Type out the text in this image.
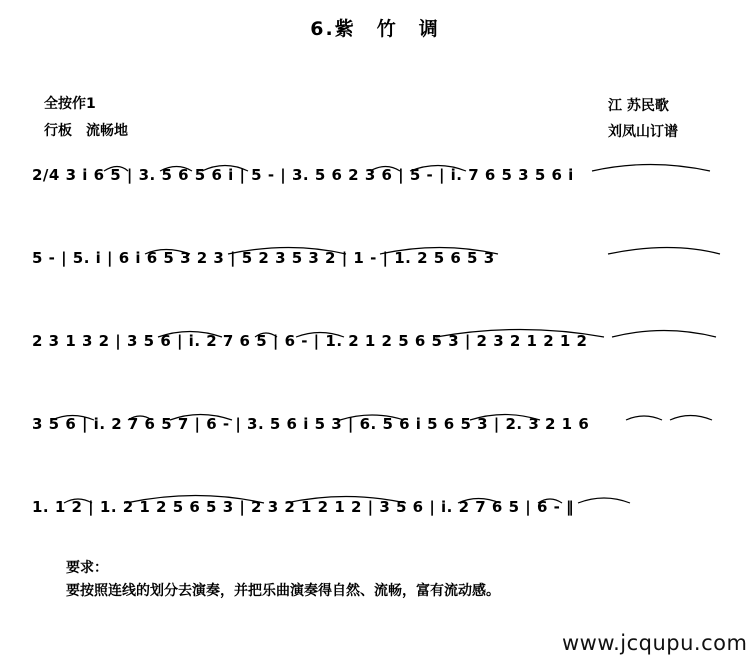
6.紫　竹　调
全按作1
行板　流畅地
江 苏民歌
刘凤山订谱
2/4 3 i 6 5 | 3. 5 6 5 6 i | 5 - | 3. 5 6 2 3 6 | 5 - | i. 7 6 5 3 5 6 i
5 - | 5. i | 6 i 6 5 3 2 3 | 5 2 3 5 3 2 | 1 - | 1. 2 5 6 5 3
2 3 1 3 2 | 3 5 6 | i. 2 7 6 5 | 6 - | 1. 2 1 2 5 6 5 3 | 2 3 2 1 2 1 2
3 5 6 | i. 2 7 6 5 7 | 6 - | 3. 5 6 i 5 3 | 6. 5 6 i 5 6 5 3 | 2. 3 2 1 6
1. 1 2 | 1. 2 1 2 5 6 5 3 | 2 3 2 1 2 1 2 | 3 5 6 | i. 2 7 6 5 | 6 - ‖
要求：
要按照连线的划分去演奏，并把乐曲演奏得自然、流畅，富有流动感。
www.jcqupu.com
